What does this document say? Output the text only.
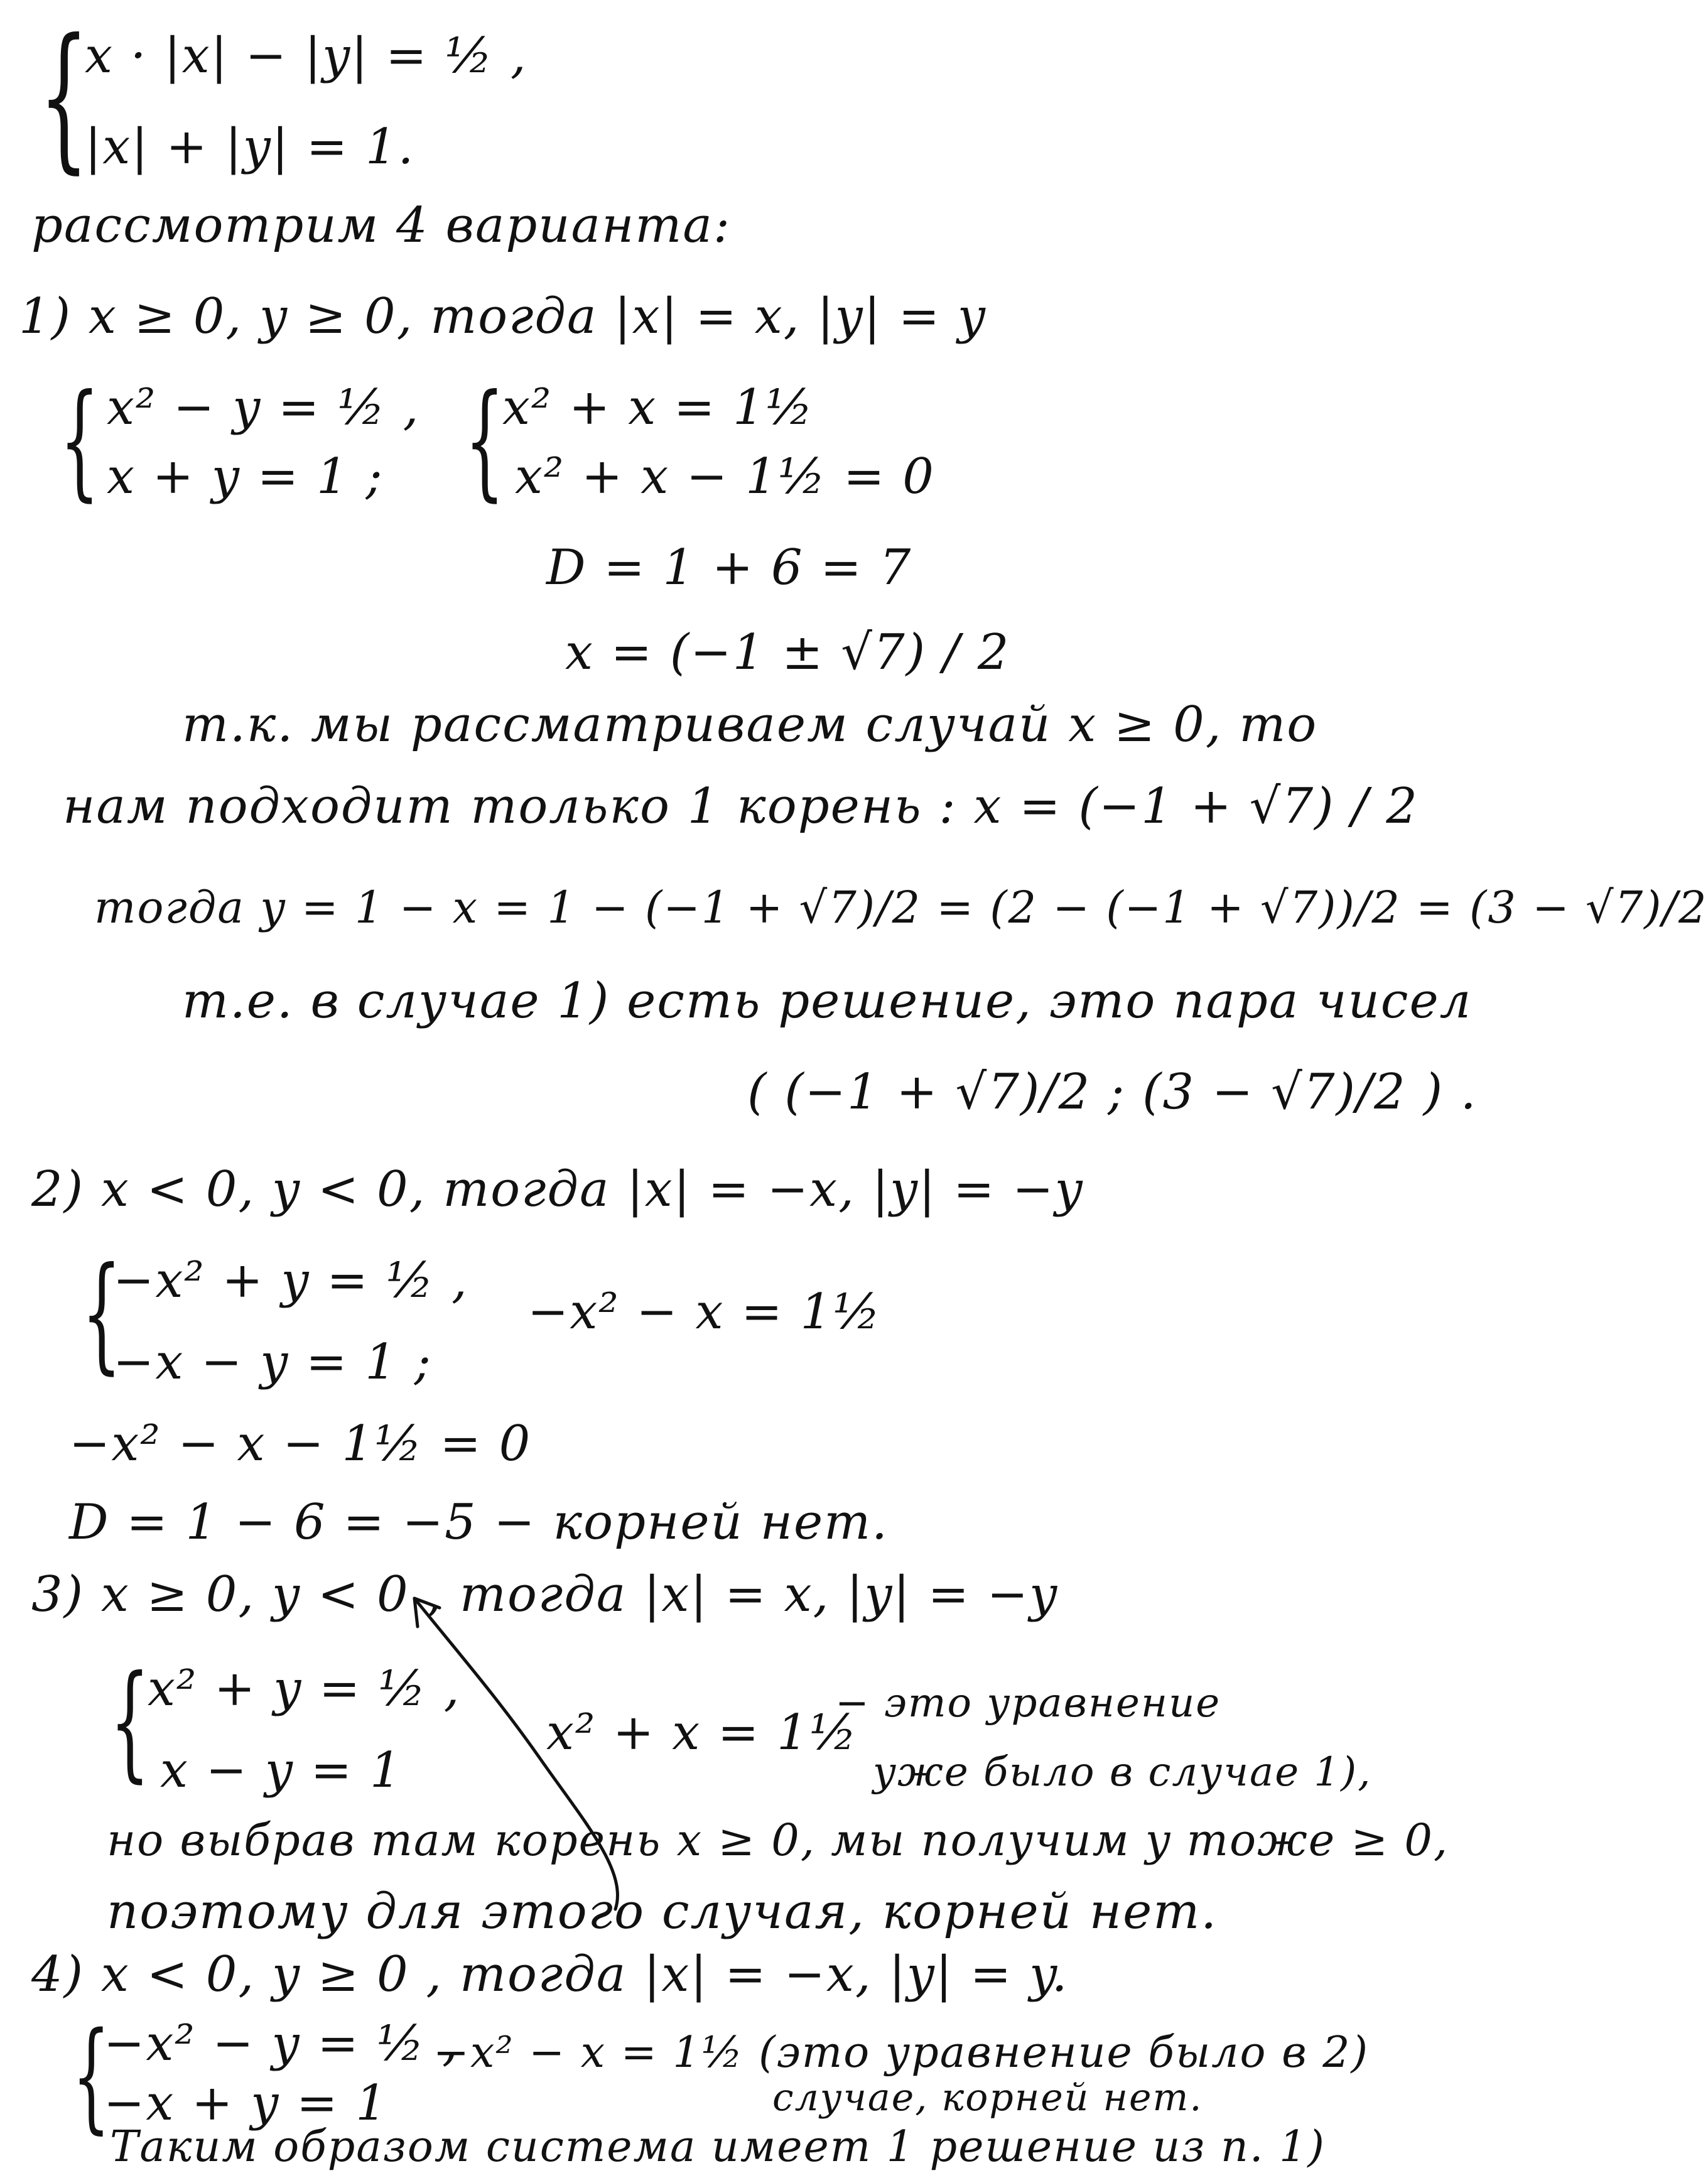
{
x · |x| − |y| = ½ ,
|x| + |y| = 1.
рассмотрим 4 варианта:
1) x ≥ 0, y ≥ 0, тогда |x| = x, |y| = y
{ x² − y = ½ ,
x + y = 1 ; {
x² + x = 1½
x² + x − 1½ = 0
D = 1 + 6 = 7
x = (−1 ± √7) / 2
т.к. мы рассматриваем случай x ≥ 0, то
нам подходит только 1 корень : x = (−1 + √7) / 2
тогда y = 1 − x = 1 − (−1 + √7)/2 = (2 − (−1 + √7))/2 = (3 − √7)/2
т.е. в случае 1) есть решение, это пара чисел
( (−1 + √7)/2 ; (3 − √7)/2 ) .
2) x < 0, y < 0, тогда |x| = −x, |y| = −y
{
−x² + y = ½ ,
−x − y = 1 ;
−x² − x = 1½
−x² − x − 1½ = 0
D = 1 − 6 = −5 − корней нет.
3) x ≥ 0, y < 0 , тогда |x| = x, |y| = −y
{
x² + y = ½ ,
x − y = 1
x² + x = 1½
− это уравнение
уже было в случае 1),
но выбрав там корень x ≥ 0, мы получим y тоже ≥ 0,
поэтому для этого случая, корней нет.
4) x < 0, y ≥ 0 , тогда |x| = −x, |y| = y.
{
−x² − y = ½ ,
−x + y = 1
−x² − x = 1½ (это уравнение было в 2)
случае, корней нет.
Таким образом система имеет 1 решение из п. 1)
